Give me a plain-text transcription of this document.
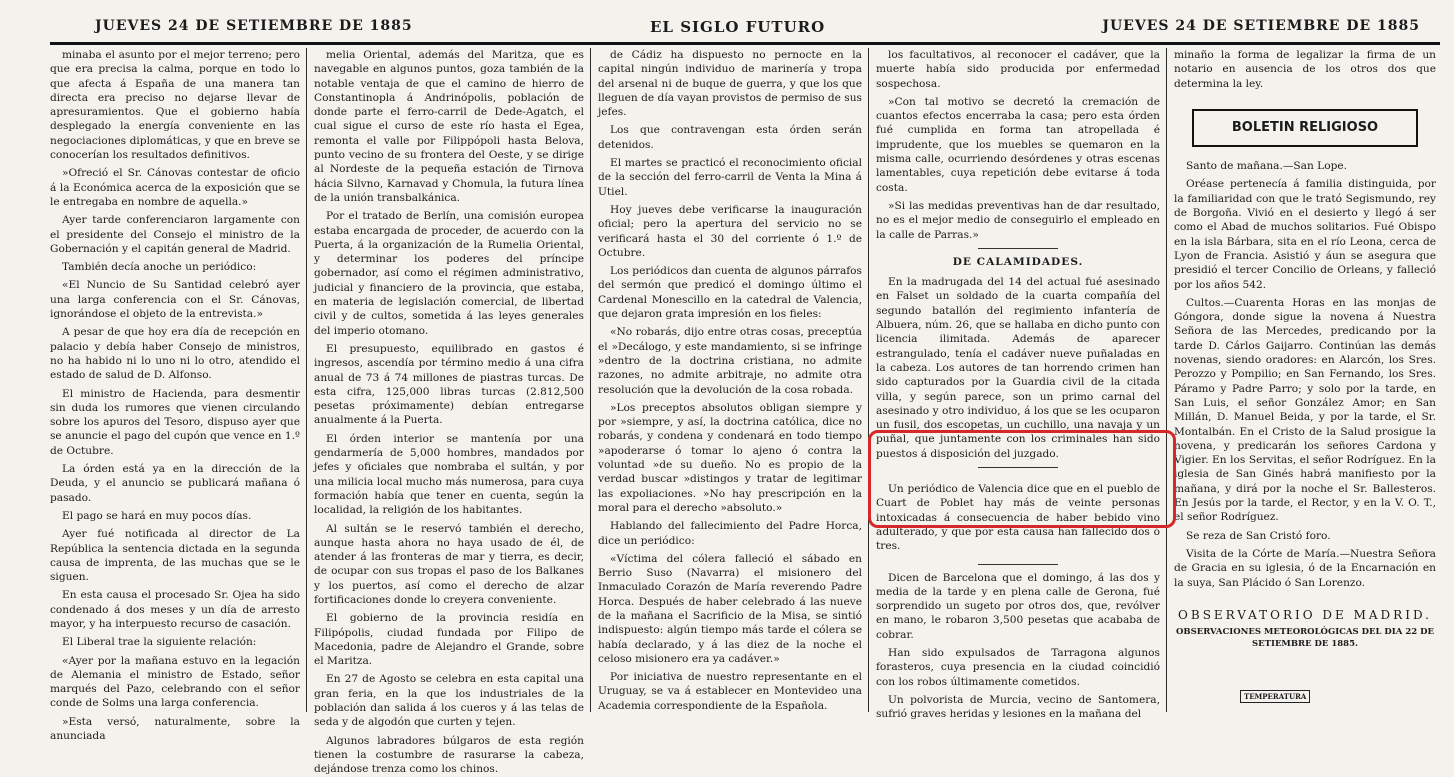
JUEVES 24 DE SETIEMBRE DE 1885	EL SIGLO FUTURO	JUEVES 24 DE SETIEMBRE DE 1885

minaba el asunto por el mejor terreno; pero que era precisa la calma, porque en todo lo que afecta á España de una manera tan directa era preciso no dejarse llevar de apresuramientos. Que el gobierno había desplegado la energía conveniente en las negociaciones diplomáticas, y que en breve se conocerían los resultados definitivos.

»Ofreció el Sr. Cánovas contestar de oficio á la Económica acerca de la exposición que se le entregaba en nombre de aquella.»

Ayer tarde conferenciaron largamente con el presidente del Consejo el ministro de la Gobernación y el capitán general de Madrid.

También decía anoche un periódico:

«El Nuncio de Su Santidad celebró ayer una larga conferencia con el Sr. Cánovas, ignorándose el objeto de la entrevista.»

A pesar de que hoy era día de recepción en palacio y debía haber Consejo de ministros, no ha habido ni lo uno ni lo otro, atendido el estado de salud de D. Alfonso.

El ministro de Hacienda, para desmentir sin duda los rumores que vienen circulando sobre los apuros del Tesoro, dispuso ayer que se anuncie el pago del cupón que vence en 1.º de Octubre.

La órden está ya en la dirección de la Deuda, y el anuncio se publicará mañana ó pasado.

El pago se hará en muy pocos días.

Ayer fué notificada al director de La República la sentencia dictada en la segunda causa de imprenta, de las muchas que se le siguen.

En esta causa el procesado Sr. Ojea ha sido condenado á dos meses y un día de arresto mayor, y ha interpuesto recurso de casación.

El Liberal trae la siguiente relación:

«Ayer por la mañana estuvo en la legación de Alemania el ministro de Estado, señor marqués del Pazo, celebrando con el señor conde de Solms una larga conferencia.

»Esta versó, naturalmente, sobre la anunciada

melia Oriental, además del Maritza, que es navegable en algunos puntos, goza también de la notable ventaja de que el camino de hierro de Constantinopla á Andrinópolis, población de donde parte el ferro-carril de Dede-Agatch, el cual sigue el curso de este río hasta el Egea, remonta el valle por Filippópoli hasta Belova, punto vecino de su frontera del Oeste, y se dirige al Nordeste de la pequeña estación de Tirnova hácia Silvno, Karnavad y Chomula, la futura línea de la unión transbalkánica.

Por el tratado de Berlín, una comisión europea estaba encargada de proceder, de acuerdo con la Puerta, á la organización de la Rumelia Oriental, y determinar los poderes del príncipe gobernador, así como el régimen administrativo, judicial y financiero de la provincia, que estaba, en materia de legislación comercial, de libertad civil y de cultos, sometida á las leyes generales del imperio otomano.

El presupuesto, equilibrado en gastos é ingresos, ascendía por término medio á una cifra anual de 73 á 74 millones de piastras turcas. De esta cifra, 125,000 libras turcas (2.812,500 pesetas próximamente) debían entregarse anualmente á la Puerta.

El órden interior se mantenía por una gendarmería de 5,000 hombres, mandados por jefes y oficiales que nombraba el sultán, y por una milicia local mucho más numerosa, para cuya formación había que tener en cuenta, según la localidad, la religión de los habitantes.

Al sultán se le reservó también el derecho, aunque hasta ahora no haya usado de él, de atender á las fronteras de mar y tierra, es decir, de ocupar con sus tropas el paso de los Balkanes y los puertos, así como el derecho de alzar fortificaciones donde lo creyera conveniente.

El gobierno de la provincia residía en Filipópolis, ciudad fundada por Filipo de Macedonia, padre de Alejandro el Grande, sobre el Maritza.

En 27 de Agosto se celebra en esta capital una gran feria, en la que los industriales de la población dan salida á los cueros y á las telas de seda y de algodón que curten y tejen.

Algunos labradores búlgaros de esta región tienen la costumbre de rasurarse la cabeza, dejándose trenza como los chinos.

de Cádiz ha dispuesto no pernocte en la capital ningún individuo de marinería y tropa del arsenal ni de buque de guerra, y que los que lleguen de día vayan provistos de permiso de sus jefes.

Los que contravengan esta órden serán detenidos.

El martes se practicó el reconocimiento oficial de la sección del ferro-carril de Venta la Mina á Utiel.

Hoy jueves debe verificarse la inauguración oficial; pero la apertura del servicio no se verificará hasta el 30 del corriente ó 1.º de Octubre.

Los periódicos dan cuenta de algunos párrafos del sermón que predicó el domingo último el Cardenal Monescillo en la catedral de Valencia, que dejaron grata impresión en los fieles:

«No robarás, dijo entre otras cosas, preceptúa el »Decálogo, y este mandamiento, si se infringe »dentro de la doctrina cristiana, no admite razones, no admite arbitraje, no admite otra resolución que la devolución de la cosa robada.

»Los preceptos absolutos obligan siempre y por »siempre, y así, la doctrina católica, dice no robarás, y condena y condenará en todo tiempo »apoderarse ó tomar lo ajeno ó contra la voluntad »de su dueño. No es propio de la verdad buscar »distingos y tratar de legitimar las expoliaciones. »No hay prescripción en la moral para el derecho »absoluto.»

Hablando del fallecimiento del Padre Horca, dice un periódico:

«Víctima del cólera falleció el sábado en Berrio Suso (Navarra) el misionero del Inmaculado Corazón de María reverendo Padre Horca. Después de haber celebrado á las nueve de la mañana el Sacrificio de la Misa, se sintió indispuesto: algún tiempo más tarde el cólera se había declarado, y á las diez de la noche el celoso misionero era ya cadáver.»

Por iniciativa de nuestro representante en el Uruguay, se va á establecer en Montevideo una Academia correspondiente de la Española.

los facultativos, al reconocer el cadáver, que la muerte había sido producida por enfermedad sospechosa.

»Con tal motivo se decretó la cremación de cuantos efectos encerraba la casa; pero esta órden fué cumplida en forma tan atropellada é imprudente, que los muebles se quemaron en la misma calle, ocurriendo desórdenes y otras escenas lamentables, cuya repetición debe evitarse á toda costa.

»Si las medidas preventivas han de dar resultado, no es el mejor medio de conseguirlo el empleado en la calle de Parras.»

DE CALAMIDADES.

En la madrugada del 14 del actual fué asesinado en Falset un soldado de la cuarta compañía del segundo batallón del regimiento infantería de Albuera, núm. 26, que se hallaba en dicho punto con licencia ilimitada. Además de aparecer estrangulado, tenía el cadáver nueve puñaladas en la cabeza. Los autores de tan horrendo crimen han sido capturados por la Guardia civil de la citada villa, y según parece, son un primo carnal del asesinado y otro individuo, á los que se les ocuparon un fusil, dos escopetas, un cuchillo, una navaja y un puñal, que juntamente con los criminales han sido puestos á disposición del juzgado.

Un periódico de Valencia dice que en el pueblo de Cuart de Poblet hay más de veinte personas intoxicadas á consecuencia de haber bebido vino adulterado, y que por esta causa han fallecido dos ó tres.

Dicen de Barcelona que el domingo, á las dos y media de la tarde y en plena calle de Gerona, fué sorprendido un sugeto por otros dos, que, revólver en mano, le robaron 3,500 pesetas que acababa de cobrar.

Han sido expulsados de Tarragona algunos forasteros, cuya presencia en la ciudad coincidió con los robos últimamente cometidos.

Un polvorista de Murcia, vecino de Santomera, sufrió graves heridas y lesiones en la mañana del

minaño la forma de legalizar la firma de un notario en ausencia de los otros dos que determina la ley.

BOLETIN RELIGIOSO

Santo de mañana.—San Lope.

Oréase pertenecía á familia distinguida, por la familiaridad con que le trató Segismundo, rey de Borgoña. Vivió en el desierto y llegó á ser como el Abad de muchos solitarios. Fué Obispo en la isla Bárbara, sita en el río Leona, cerca de Lyon de Francia. Asistió y áun se asegura que presidió el tercer Concilio de Orleans, y falleció por los años 542.

Cultos.—Cuarenta Horas en las monjas de Góngora, donde sigue la novena á Nuestra Señora de las Mercedes, predicando por la tarde D. Cárlos Gaijarro. Continúan las demás novenas, siendo oradores: en Alarcón, los Sres. Perozzo y Pompilio; en San Fernando, los Sres. Páramo y Padre Parro; y solo por la tarde, en San Luis, el señor González Amor; en San Millán, D. Manuel Beida, y por la tarde, el Sr. Montalbán. En el Cristo de la Salud prosigue la novena, y predicarán los señores Cardona y Vigier. En los Servitas, el señor Rodríguez. En la iglesia de San Ginés habrá manifiesto por la mañana, y dirá por la noche el Sr. Ballesteros. En Jesús por la tarde, el Rector, y en la V. O. T., el señor Rodríguez.

Se reza de San Cristó foro.

Visita de la Córte de María.—Nuestra Señora de Gracia en su iglesia, ó de la Encarnación en la suya, San Plácido ó San Lorenzo.

OBSERVATORIO DE MADRID.
OBSERVACIONES METEOROLÓGICAS DEL DIA 22 DE SETIEMBRE DE 1885.
TEMPERATURA
